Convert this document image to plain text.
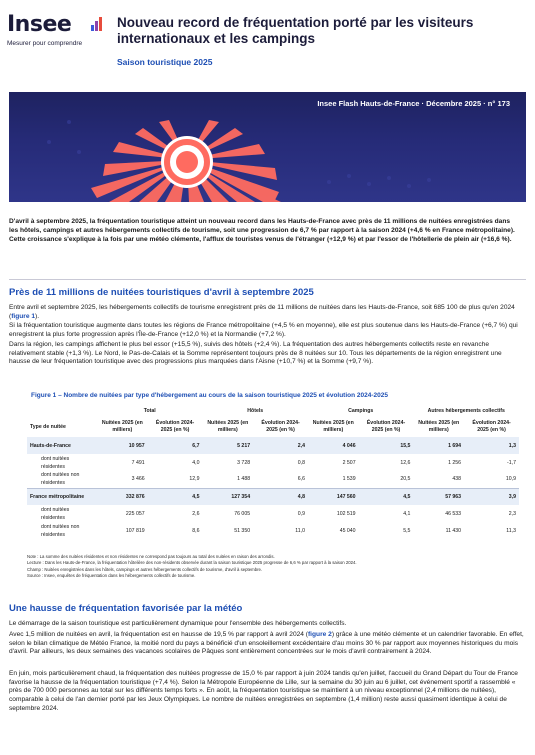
Insee
Mesurer pour comprendre
Nouveau record de fréquentation porté par les visiteurs internationaux et les campings
Saison touristique 2025
Insee Flash Hauts-de-France · Décembre 2025 · n° 173
D'avril à septembre 2025, la fréquentation touristique atteint un nouveau record dans les Hauts-de-France avec près de 11 millions de nuitées enregistrées dans les hôtels, campings et autres hébergements collectifs de tourisme, soit une progression de 6,7 % par rapport à la saison 2024 (+4,6 % en France métropolitaine). Cette croissance s'explique à la fois par une météo clémente, l'afflux de touristes venus de l'étranger (+12,9 %) et par l'essor de l'hôtellerie de plein air (+16,6 %).
Près de 11 millions de nuitées touristiques d'avril à septembre 2025
Entre avril et septembre 2025, les hébergements collectifs de tourisme enregistrent près de 11 millions de nuitées dans les Hauts-de-France, soit 685 100 de plus qu'en 2024 (figure 1).
Si la fréquentation touristique augmente dans toutes les régions de France métropolitaine (+4,5 % en moyenne), elle est plus soutenue dans les Hauts-de-France (+6,7 %) qui enregistrent la plus forte progression après l'Île-de-France (+12,0 %) et la Normandie (+7,2 %).
Dans la région, les campings affichent le plus bel essor (+15,5 %), suivis des hôtels (+2,4 %). La fréquentation des autres hébergements collectifs reste en revanche relativement stable (+1,3 %). Le Nord, le Pas-de-Calais et la Somme représentent toujours près de 8 nuitées sur 10. Tous les départements de la région enregistrent une hausse de leur fréquentation touristique avec des progressions plus marquées dans l'Aisne (+10,7 %) et la Somme (+9,7 %).
Figure 1 – Nombre de nuitées par type d'hébergement au cours de la saison touristique 2025 et évolution 2024-2025
	Total		Hôtels		Campings		Autres hébergements collectifs	
Type de nuitée	Nuitées 2025 (en milliers)	Évolution 2024-2025 (en %)	Nuitées 2025 (en milliers)	Évolution 2024-2025 (en %)	Nuitées 2025 (en milliers)	Évolution 2024-2025 (en %)	Nuitées 2025 (en milliers)	Évolution 2024-2025 (en %)
Hauts-de-France	10 957	6,7	5 217	2,4	4 046	15,5	1 694	1,3
dont nuitées résidentes	7 491	4,0	3 728	0,8	2 507	12,6	1 256	-1,7
dont nuitées non résidentes	3 466	12,9	1 488	6,6	1 539	20,5	438	10,9
France métropolitaine	332 876	4,5	127 354	4,8	147 560	4,5	57 963	3,9
dont nuitées résidentes	225 057	2,6	76 005	0,9	102 519	4,1	46 533	2,3
dont nuitées non résidentes	107 819	8,6	51 350	11,0	45 040	5,5	11 430	11,3
Note : La somme des nuitées résidentes et non résidentes ne correspond pas toujours au total des nuitées en raison des arrondis.
Lecture : Dans les Hauts-de-France, la fréquentation hôtelière des non-résidents observée durant la saison touristique 2025 progresse de 6,6 % par rapport à la saison 2024.
Champ : Nuitées enregistrées dans les hôtels, campings et autres hébergements collectifs de tourisme, d'avril à septembre.
Source : Insee, enquêtes de fréquentation dans les hébergements collectifs de tourisme.
Une hausse de fréquentation favorisée par la météo
Le démarrage de la saison touristique est particulièrement dynamique pour l'ensemble des hébergements collectifs.
Avec 1,5 million de nuitées en avril, la fréquentation est en hausse de 19,5 % par rapport à avril 2024 (figure 2) grâce à une météo clémente et un calendrier favorable. En effet, selon le bilan climatique de Météo France, la moitié nord du pays a bénéficié d'un ensoleillement excédentaire d'au moins 30 % par rapport aux moyennes historiques du mois d'avril. Par ailleurs, les deux semaines des vacances scolaires de Pâques sont entièrement concentrées sur le mois d'avril contrairement à 2024.
En juin, mois particulièrement chaud, la fréquentation des nuitées progresse de 15,0 % par rapport à juin 2024 tandis qu'en juillet, l'accueil du Grand Départ du Tour de France favorise la hausse de la fréquentation touristique (+7,4 %). Selon la Métropole Européenne de Lille, sur la semaine du 30 juin au 6 juillet, cet événement sportif a rassemblé « près de 700 000 personnes au total sur les différents temps forts ». En août, la fréquentation touristique se maintient à un niveau exceptionnel (2,4 millions de nuitées), comparable à celui de l'an dernier porté par les Jeux Olympiques. Le nombre de nuitées enregistrées en septembre (1,4 million) reste aussi quasiment identique à celui de septembre 2024.
